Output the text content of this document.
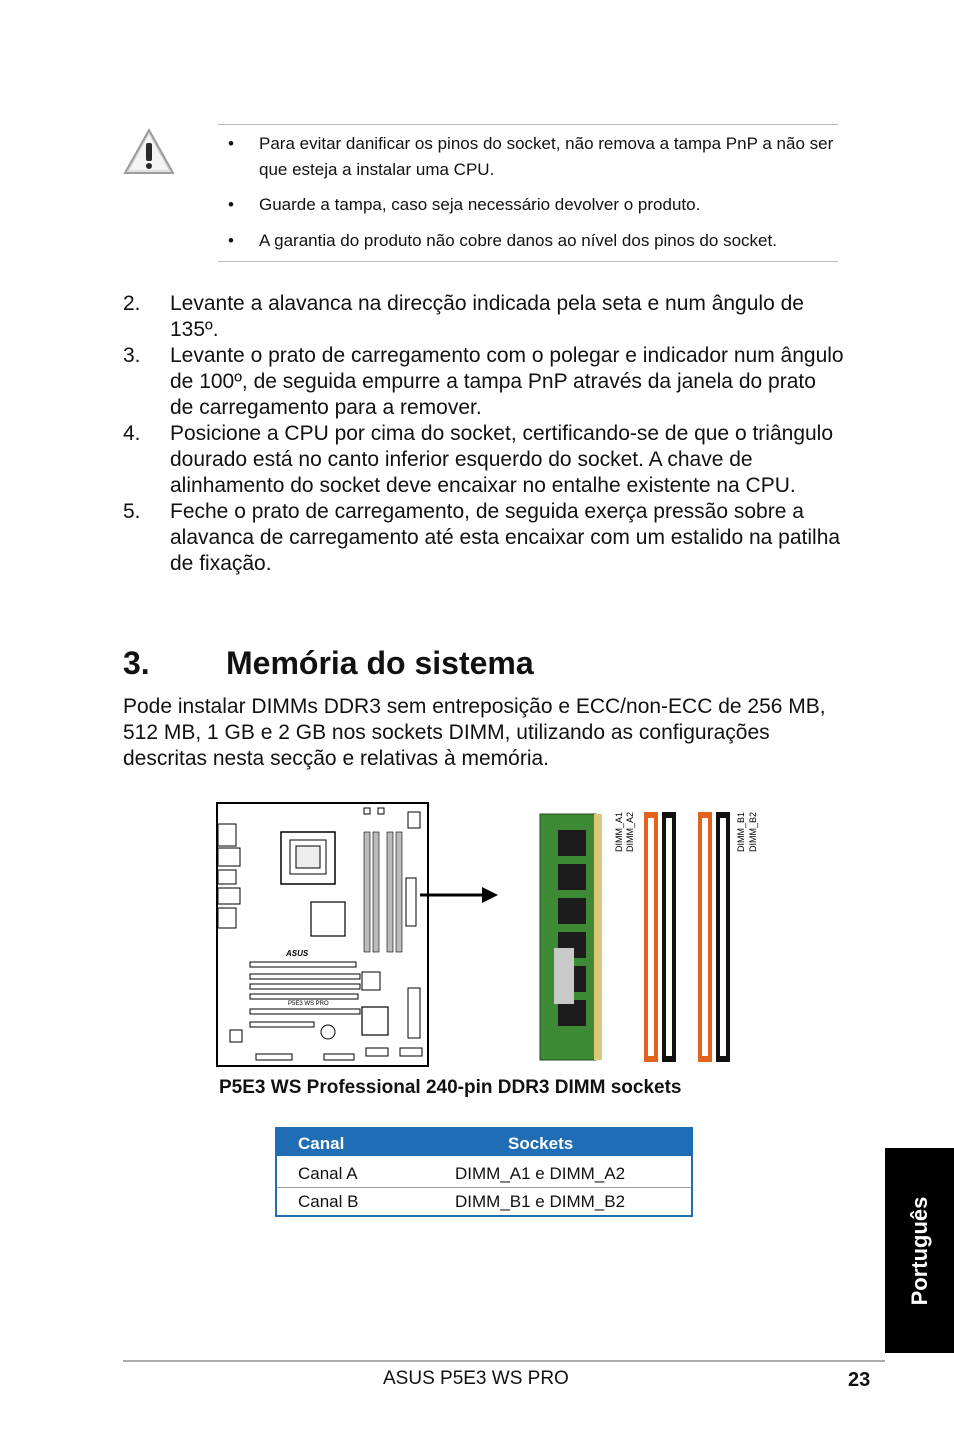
• Para evitar danificar os pinos do socket, não remova a tampa PnP a não ser que esteja a instalar uma CPU.
• Guarde a tampa, caso seja necessário devolver o produto.
• A garantia do produto não cobre danos ao nível dos pinos do socket.
2. Levante a alavanca na direcção indicada pela seta e num ângulo de 135º.
3. Levante o prato de carregamento com o polegar e indicador num ângulo de 100º, de seguida empurre a tampa PnP através da janela do prato de carregamento para a remover.
4. Posicione a CPU por cima do socket, certificando-se de que o triângulo dourado está no canto inferior esquerdo do socket. A chave de alinhamento do socket deve encaixar no entalhe existente na CPU.
5. Feche o prato de carregamento, de seguida exerça pressão sobre a alavanca de carregamento até esta encaixar com um estalido na patilha de fixação.
3. Memória do sistema
Pode instalar DIMMs DDR3 sem entreposição e ECC/non-ECC de 256 MB, 512 MB, 1 GB e 2 GB nos sockets DIMM, utilizando as configurações descritas nesta secção e relativas à memória.
ASUS
P5E3 WS PRO
DIMM_A1 DIMM_A2	DIMM_B1 DIMM_B2
P5E3 WS Professional 240-pin DDR3 DIMM sockets
Canal	Sockets
Canal A	DIMM_A1 e DIMM_A2
Canal B	DIMM_B1 e DIMM_B2	Português
ASUS P5E3 WS PRO	23
